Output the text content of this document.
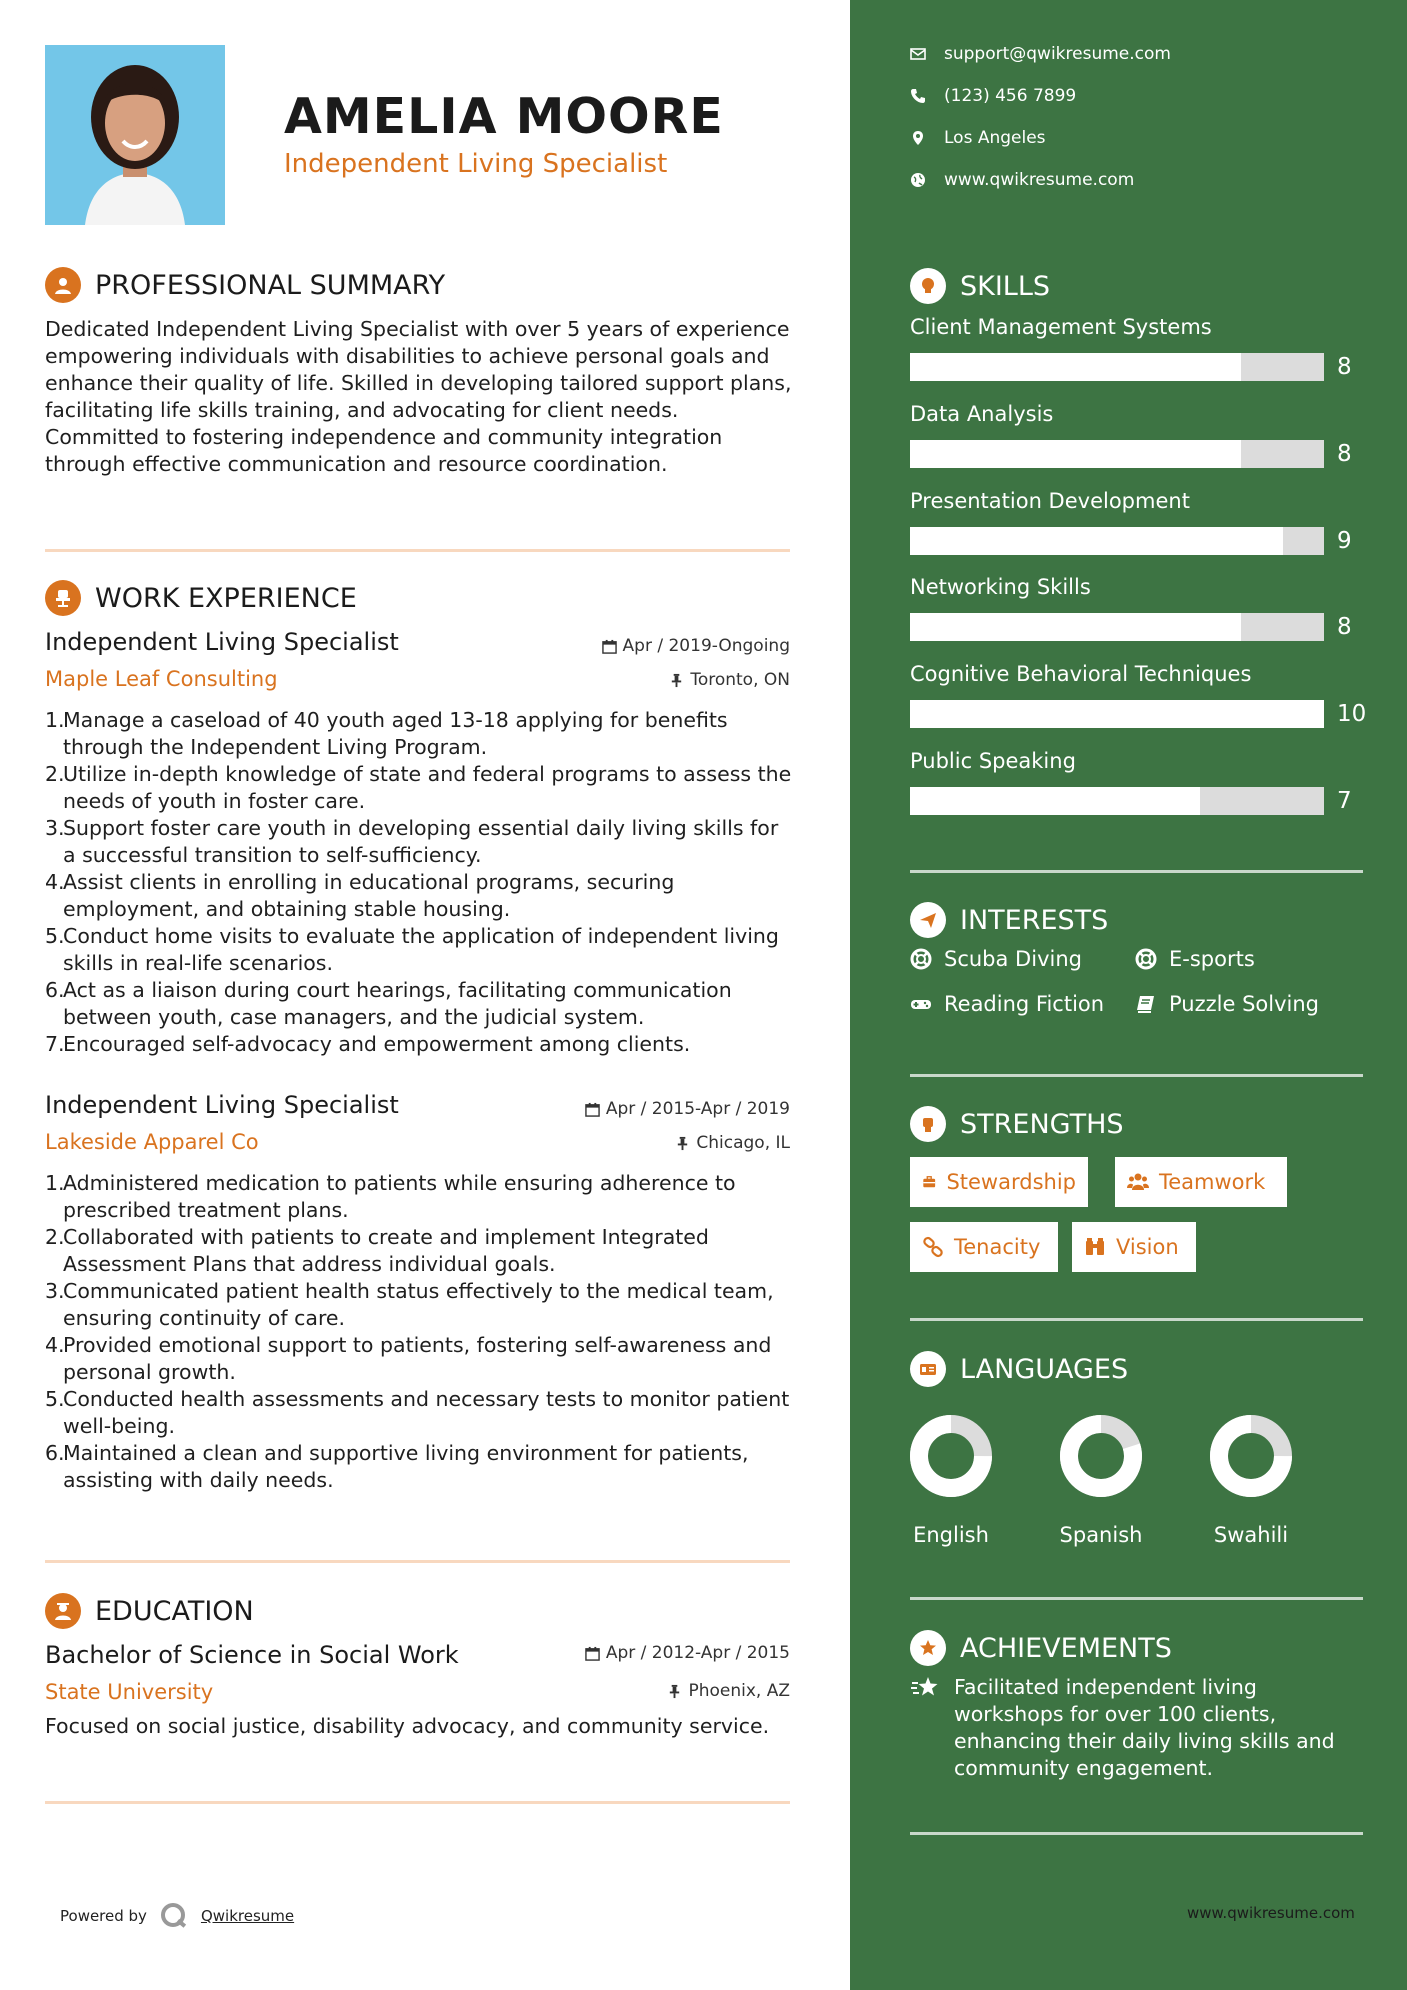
AMELIA MOORE
Independent Living Specialist
PROFESSIONAL SUMMARY
Dedicated Independent Living Specialist with over 5 years of experience empowering individuals with disabilities to achieve personal goals and enhance their quality of life. Skilled in developing tailored support plans, facilitating life skills training, and advocating for client needs. Committed to fostering independence and community integration through effective communication and resource coordination.
WORK EXPERIENCE
Independent Living Specialist	Apr / 2019-Ongoing
Maple Leaf Consulting	Toronto, ON
1.
Manage a caseload of 40 youth aged 13-18 applying for benefits through the Independent Living Program.
2.
Utilize in-depth knowledge of state and federal programs to assess the needs of youth in foster care.
3.
Support foster care youth in developing essential daily living skills for a successful transition to self-sufficiency.
4.
Assist clients in enrolling in educational programs, securing employment, and obtaining stable housing.
5.
Conduct home visits to evaluate the application of independent living skills in real-life scenarios.
6.
Act as a liaison during court hearings, facilitating communication between youth, case managers, and the judicial system.
7.
Encouraged self-advocacy and empowerment among clients.
Independent Living Specialist	Apr / 2015-Apr / 2019
Lakeside Apparel Co	Chicago, IL
1.
Administered medication to patients while ensuring adherence to prescribed treatment plans.
2.
Collaborated with patients to create and implement Integrated Assessment Plans that address individual goals.
3.
Communicated patient health status effectively to the medical team, ensuring continuity of care.
4.
Provided emotional support to patients, fostering self-awareness and personal growth.
5.
Conducted health assessments and necessary tests to monitor patient well-being.
6.
Maintained a clean and supportive living environment for patients, assisting with daily needs.
EDUCATION
Bachelor of Science in Social Work	Apr / 2012-Apr / 2015
State University	Phoenix, AZ
Focused on social justice, disability advocacy, and community service.
Powered by	Qwikresume
support@qwikresume.com
(123) 456 7899
Los Angeles
www.qwikresume.com
SKILLS
Client Management Systems
8
Data Analysis
8
Presentation Development
9
Networking Skills
8
Cognitive Behavioral Techniques
10
Public Speaking
7
INTERESTS
Scuba Diving	E-sports
Reading Fiction	Puzzle Solving
STRENGTHS
Stewardship	Teamwork
Tenacity	Vision
LANGUAGES
English	Spanish	Swahili
ACHIEVEMENTS
Facilitated independent living workshops for over 100 clients, enhancing their daily living skills and community engagement.
www.qwikresume.com
